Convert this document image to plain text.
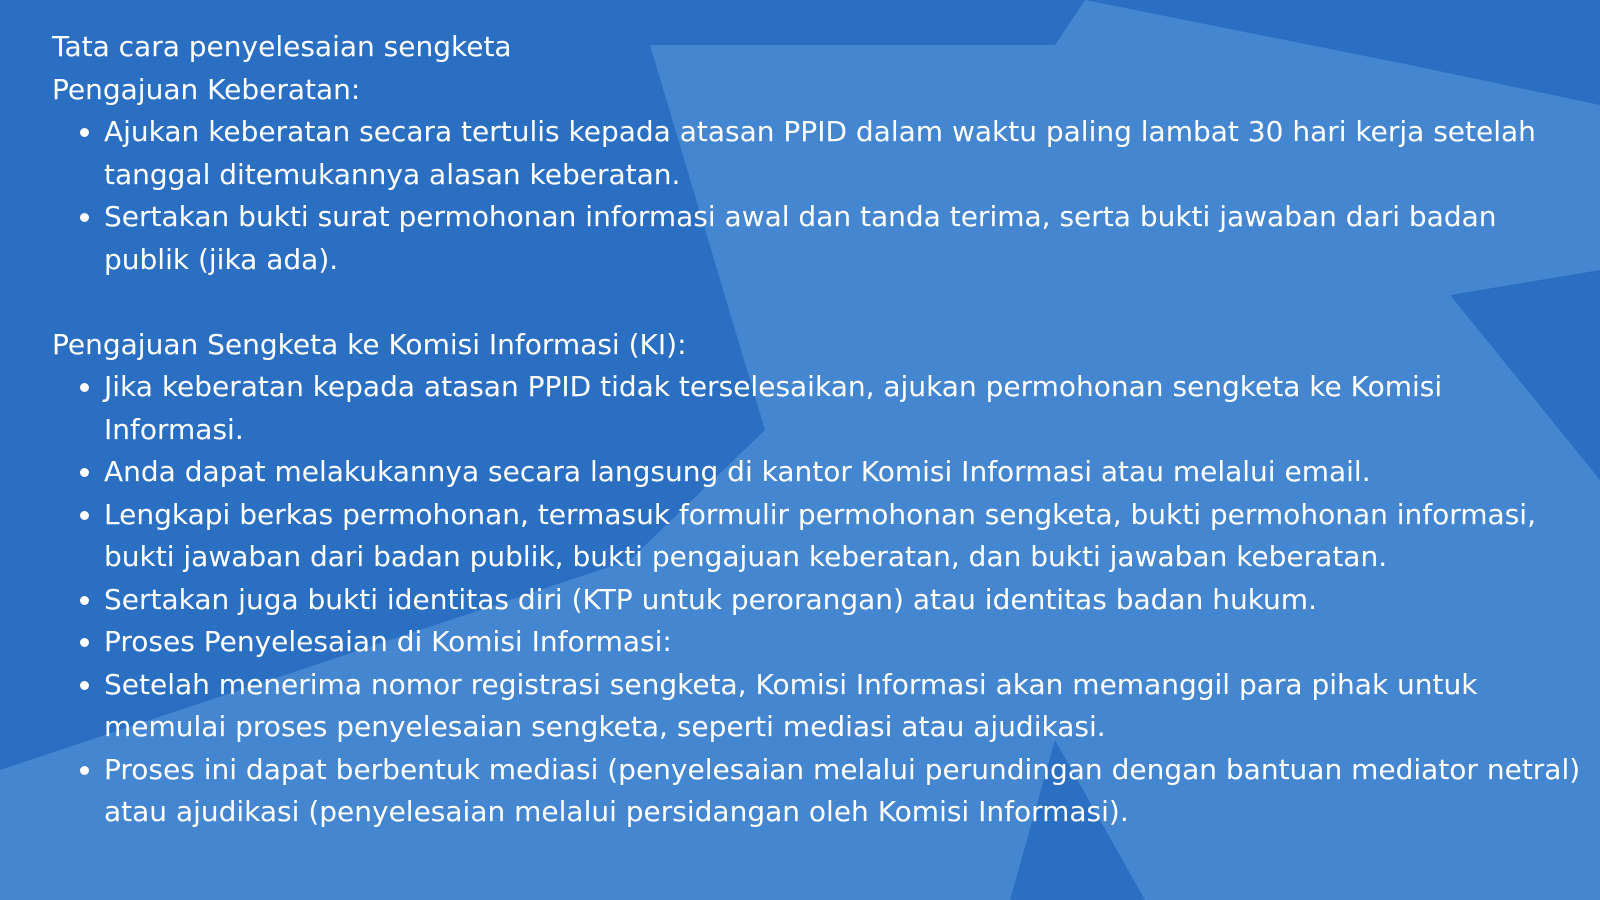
Tata cara penyelesaian sengketa

Pengajuan Keberatan:

Ajukan keberatan secara tertulis kepada atasan PPID dalam waktu paling lambat 30 hari kerja setelah tanggal ditemukannya alasan keberatan.
Sertakan bukti surat permohonan informasi awal dan tanda terima, serta bukti jawaban dari badan publik (jika ada).

Pengajuan Sengketa ke Komisi Informasi (KI):

Jika keberatan kepada atasan PPID tidak terselesaikan, ajukan permohonan sengketa ke Komisi Informasi.
Anda dapat melakukannya secara langsung di kantor Komisi Informasi atau melalui email.
Lengkapi berkas permohonan, termasuk formulir permohonan sengketa, bukti permohonan informasi, bukti jawaban dari badan publik, bukti pengajuan keberatan, dan bukti jawaban keberatan.
Sertakan juga bukti identitas diri (KTP untuk perorangan) atau identitas badan hukum.
Proses Penyelesaian di Komisi Informasi:
Setelah menerima nomor registrasi sengketa, Komisi Informasi akan memanggil para pihak untuk memulai proses penyelesaian sengketa, seperti mediasi atau ajudikasi.
Proses ini dapat berbentuk mediasi (penyelesaian melalui perundingan dengan bantuan mediator netral) atau ajudikasi (penyelesaian melalui persidangan oleh Komisi Informasi).
